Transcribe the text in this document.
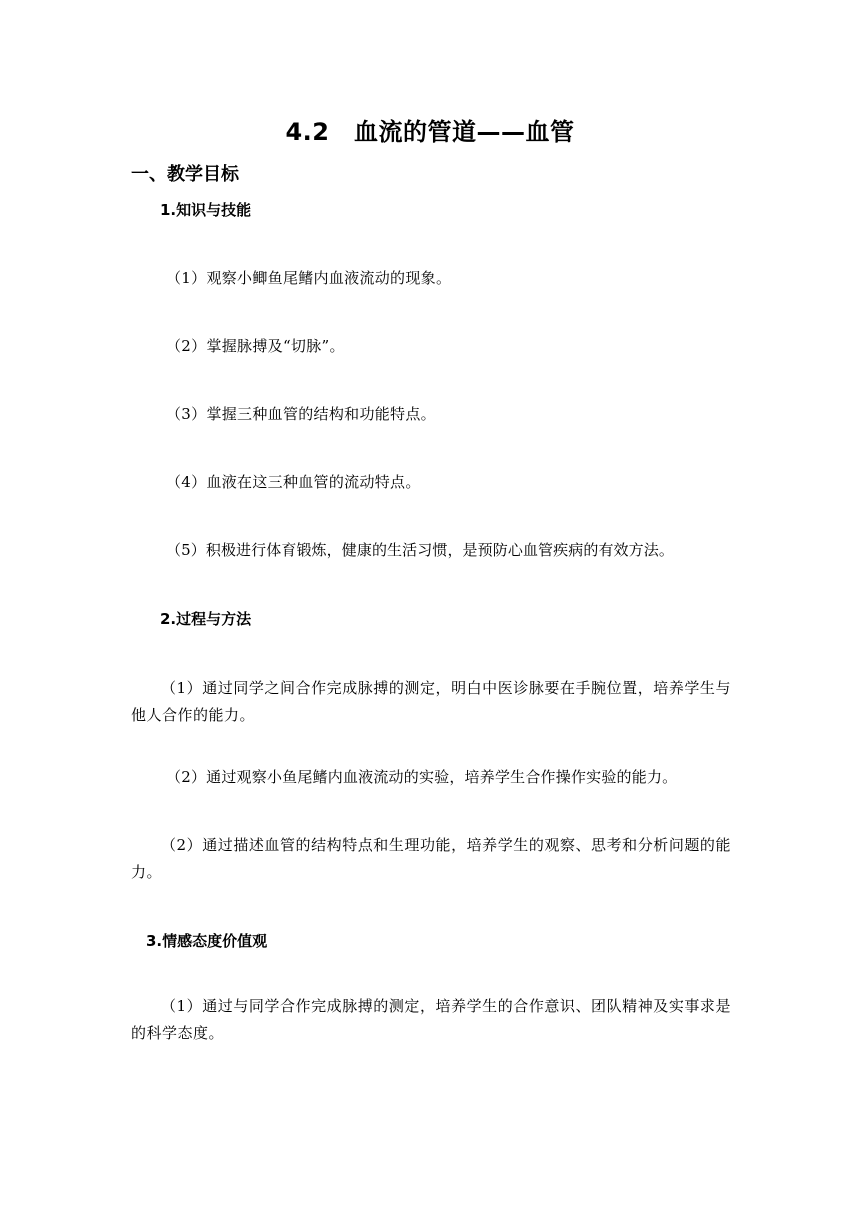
4.2　血流的管道——血管
一、教学目标
1.知识与技能
（1）观察小鲫鱼尾鳍内血液流动的现象。
（2）掌握脉搏及“切脉”。
（3）掌握三种血管的结构和功能特点。
（4）血液在这三种血管的流动特点。
（5）积极进行体育锻炼，健康的生活习惯，是预防心血管疾病的有效方法。
2.过程与方法
（1）通过同学之间合作完成脉搏的测定，明白中医诊脉要在手腕位置，培养学生与他人合作的能力。
（2）通过观察小鱼尾鳍内血液流动的实验，培养学生合作操作实验的能力。
（2）通过描述血管的结构特点和生理功能，培养学生的观察、思考和分析问题的能力。
3.情感态度价值观
（1）通过与同学合作完成脉搏的测定，培养学生的合作意识、团队精神及实事求是的科学态度。
